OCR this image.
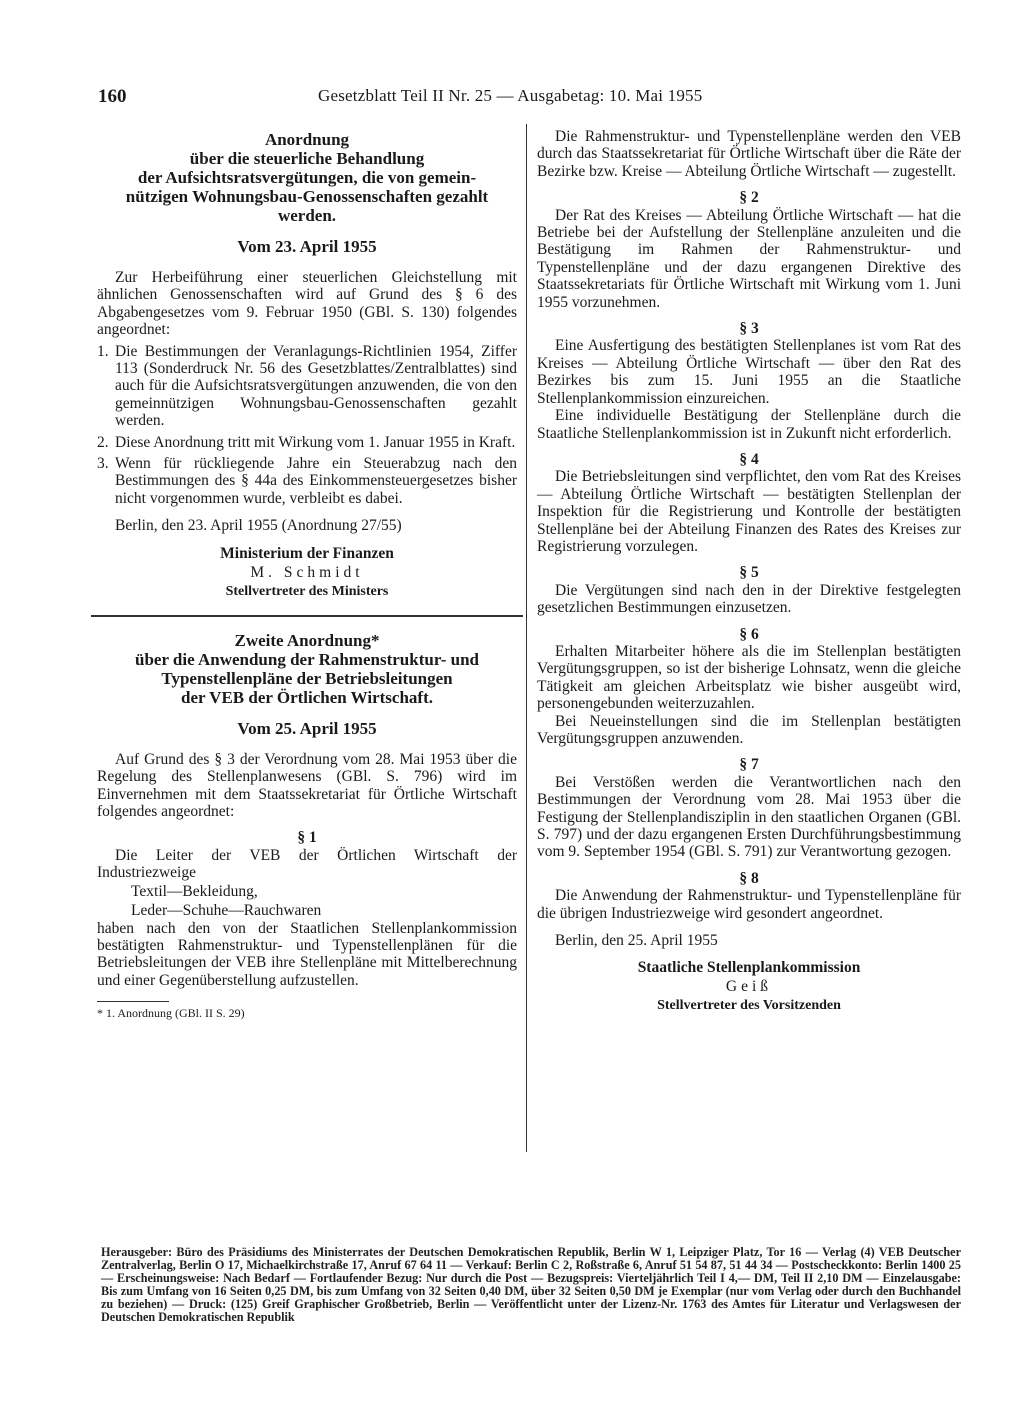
160	Gesetzblatt Teil II Nr. 25 — Ausgabetag: 10. Mai 1955
Anordnung
über die steuerliche Behandlung
der Aufsichtsratsvergütungen, die von gemein-
nützigen Wohnungsbau-Genossenschaften gezahlt
werden.
Vom 23. April 1955

Zur Herbeiführung einer steuerlichen Gleichstellung mit ähnlichen Genossenschaften wird auf Grund des § 6 des Abgabengesetzes vom 9. Februar 1950 (GBl. S. 130) folgendes angeordnet:

1. Die Bestimmungen der Veranlagungs-Richtlinien 1954, Ziffer 113 (Sonderdruck Nr. 56 des Gesetzblattes/Zentralblattes) sind auch für die Aufsichtsratsvergütungen anzuwenden, die von den gemeinnützigen Wohnungsbau-Genossenschaften gezahlt werden.
2. Diese Anordnung tritt mit Wirkung vom 1. Januar 1955 in Kraft.
3. Wenn für rückliegende Jahre ein Steuerabzug nach den Bestimmungen des § 44a des Einkommensteuergesetzes bisher nicht vorgenommen wurde, verbleibt es dabei.

Berlin, den 23. April 1955 (Anordnung 27/55)

Ministerium der Finanzen
M. Schmidt
Stellvertreter des Ministers
Zweite Anordnung*
über die Anwendung der Rahmenstruktur- und
Typenstellenpläne der Betriebsleitungen
der VEB der Örtlichen Wirtschaft.
Vom 25. April 1955

Auf Grund des § 3 der Verordnung vom 28. Mai 1953 über die Regelung des Stellenplanwesens (GBl. S. 796) wird im Einvernehmen mit dem Staatssekretariat für Örtliche Wirtschaft folgendes angeordnet:

§ 1

Die Leiter der VEB der Örtlichen Wirtschaft der Industriezweige

Textil—Bekleidung,
Leder—Schuhe—Rauchwaren

haben nach den von der Staatlichen Stellenplankommission bestätigten Rahmenstruktur- und Typenstellenplänen für die Betriebsleitungen der VEB ihre Stellenpläne mit Mittelberechnung und einer Gegenüberstellung aufzustellen.

* 1. Anordnung (GBl. II S. 29)

Die Rahmenstruktur- und Typenstellenpläne werden den VEB durch das Staatssekretariat für Örtliche Wirtschaft über die Räte der Bezirke bzw. Kreise — Abteilung Örtliche Wirtschaft — zugestellt.

§ 2

Der Rat des Kreises — Abteilung Örtliche Wirtschaft — hat die Betriebe bei der Aufstellung der Stellenpläne anzuleiten und die Bestätigung im Rahmen der Rahmenstruktur- und Typenstellenpläne und der dazu ergangenen Direktive des Staatssekretariats für Örtliche Wirtschaft mit Wirkung vom 1. Juni 1955 vorzunehmen.

§ 3

Eine Ausfertigung des bestätigten Stellenplanes ist vom Rat des Kreises — Abteilung Örtliche Wirtschaft — über den Rat des Bezirkes bis zum 15. Juni 1955 an die Staatliche Stellenplankommission einzureichen.

Eine individuelle Bestätigung der Stellenpläne durch die Staatliche Stellenplankommission ist in Zukunft nicht erforderlich.

§ 4

Die Betriebsleitungen sind verpflichtet, den vom Rat des Kreises — Abteilung Örtliche Wirtschaft — bestätigten Stellenplan der Inspektion für die Registrierung und Kontrolle der bestätigten Stellenpläne bei der Abteilung Finanzen des Rates des Kreises zur Registrierung vorzulegen.

§ 5

Die Vergütungen sind nach den in der Direktive festgelegten gesetzlichen Bestimmungen einzusetzen.

§ 6

Erhalten Mitarbeiter höhere als die im Stellenplan bestätigten Vergütungsgruppen, so ist der bisherige Lohnsatz, wenn die gleiche Tätigkeit am gleichen Arbeitsplatz wie bisher ausgeübt wird, personengebunden weiterzuzahlen.

Bei Neueinstellungen sind die im Stellenplan bestätigten Vergütungsgruppen anzuwenden.

§ 7

Bei Verstößen werden die Verantwortlichen nach den Bestimmungen der Verordnung vom 28. Mai 1953 über die Festigung der Stellenplandisziplin in den staatlichen Organen (GBl. S. 797) und der dazu ergangenen Ersten Durchführungsbestimmung vom 9. September 1954 (GBl. S. 791) zur Verantwortung gezogen.

§ 8

Die Anwendung der Rahmenstruktur- und Typenstellenpläne für die übrigen Industriezweige wird gesondert angeordnet.

Berlin, den 25. April 1955

Staatliche Stellenplankommission
Geiß
Stellvertreter des Vorsitzenden
Herausgeber: Büro des Präsidiums des Ministerrates der Deutschen Demokratischen Republik, Berlin W 1, Leipziger Platz, Tor 16 — Verlag (4) VEB Deutscher Zentralverlag, Berlin O 17, Michaelkirchstraße 17, Anruf 67 64 11 — Verkauf: Berlin C 2, Roßstraße 6, Anruf 51 54 87, 51 44 34 — Postscheckkonto: Berlin 1400 25 — Erscheinungsweise: Nach Bedarf — Fortlaufender Bezug: Nur durch die Post — Bezugspreis: Vierteljährlich Teil I 4,— DM, Teil II 2,10 DM — Einzelausgabe: Bis zum Umfang von 16 Seiten 0,25 DM, bis zum Umfang von 32 Seiten 0,40 DM, über 32 Seiten 0,50 DM je Exemplar (nur vom Verlag oder durch den Buchhandel zu beziehen) — Druck: (125) Greif Graphischer Großbetrieb, Berlin — Veröffentlicht unter der Lizenz-Nr. 1763 des Amtes für Literatur und Verlagswesen der Deutschen Demokratischen Republik
